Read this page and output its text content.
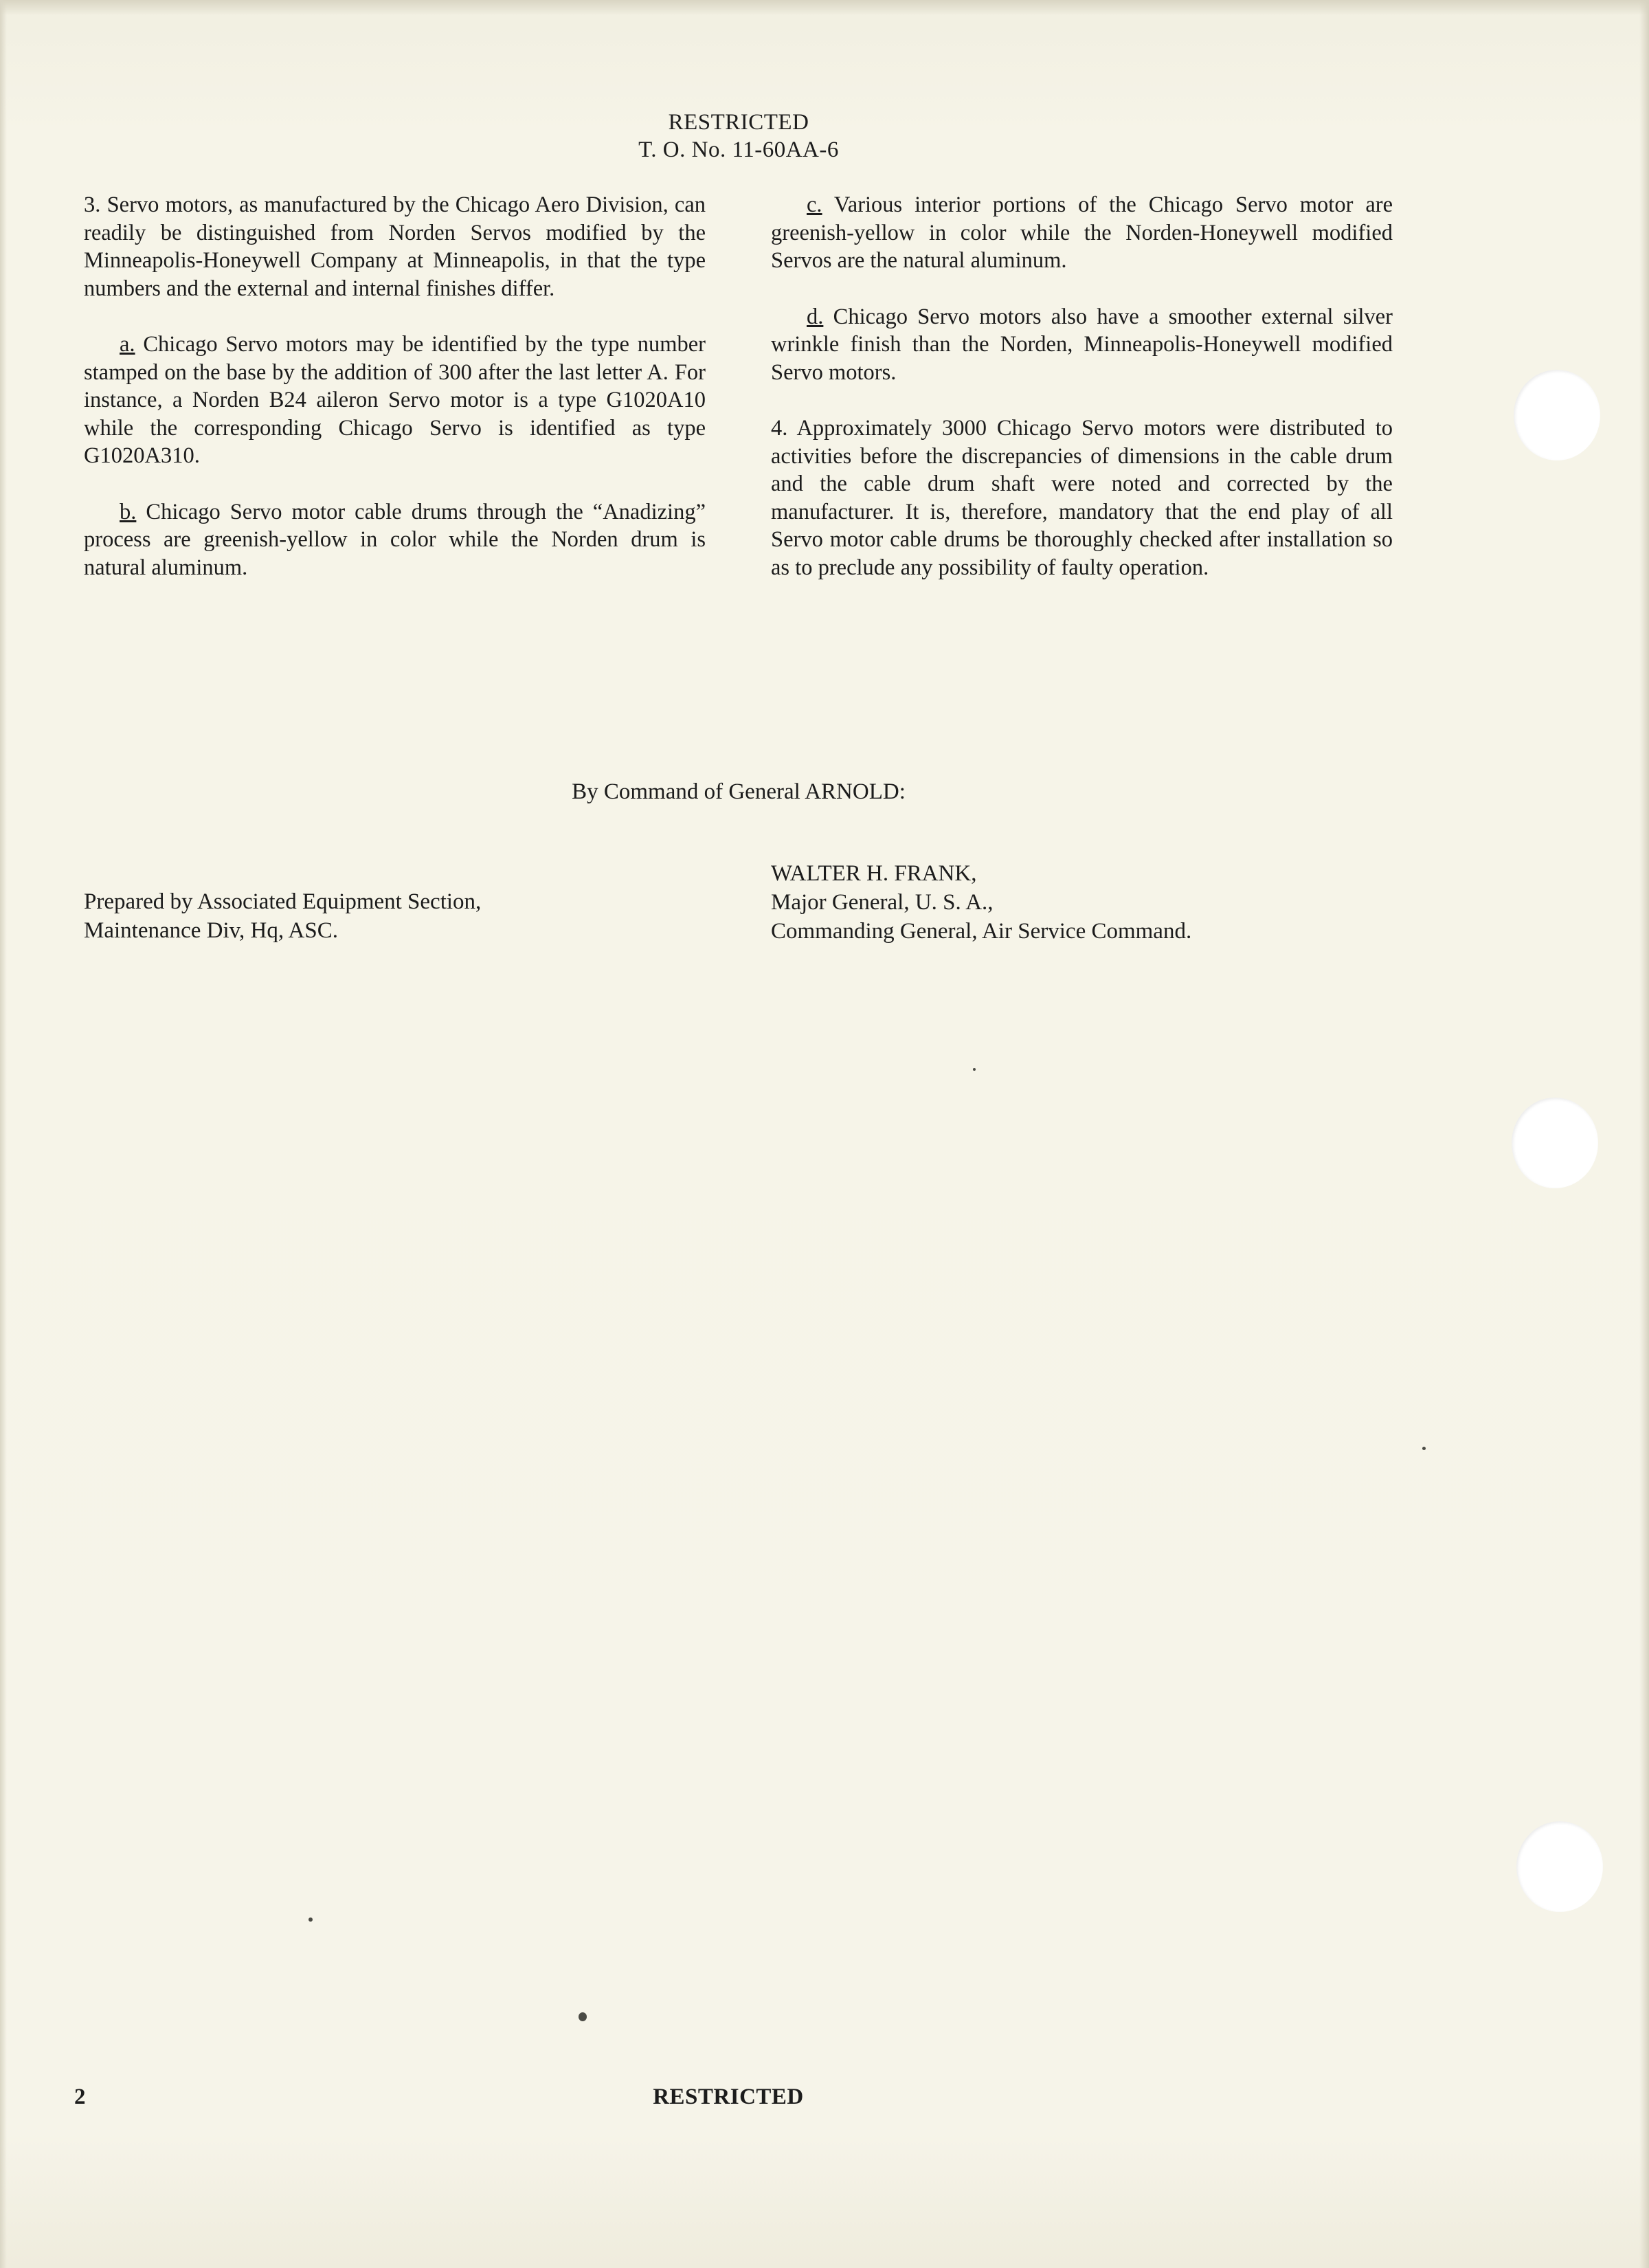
RESTRICTED
T. O. No. 11-60AA-6

3. Servo motors, as manufactured by the Chicago Aero Division, can readily be distinguished from Norden Servos modified by the Minneapolis-Honeywell Company at Minneapolis, in that the type numbers and the external and internal finishes differ.

a. Chicago Servo motors may be identified by the type number stamped on the base by the addition of 300 after the last letter A. For instance, a Norden B24 aileron Servo motor is a type G1020A10 while the corresponding Chicago Servo is identified as type G1020A310.

b. Chicago Servo motor cable drums through the “Anadizing” process are greenish-yellow in color while the Norden drum is natural aluminum.

c. Various interior portions of the Chicago Servo motor are greenish-yellow in color while the Norden-Honeywell modified Servos are the natural aluminum.

d. Chicago Servo motors also have a smoother external silver wrinkle finish than the Norden, Minneapolis-Honeywell modified Servo motors.

4. Approximately 3000 Chicago Servo motors were distributed to activities before the discrepancies of dimensions in the cable drum and the cable drum shaft were noted and corrected by the manufacturer. It is, therefore, mandatory that the end play of all Servo motor cable drums be thoroughly checked after installation so as to preclude any possibility of faulty operation.

By Command of General ARNOLD:
Prepared by Associated Equipment Section,
Maintenance Div, Hq, ASC.
WALTER H. FRANK,
Major General, U. S. A.,
Commanding General, Air Service Command.
2	RESTRICTED
